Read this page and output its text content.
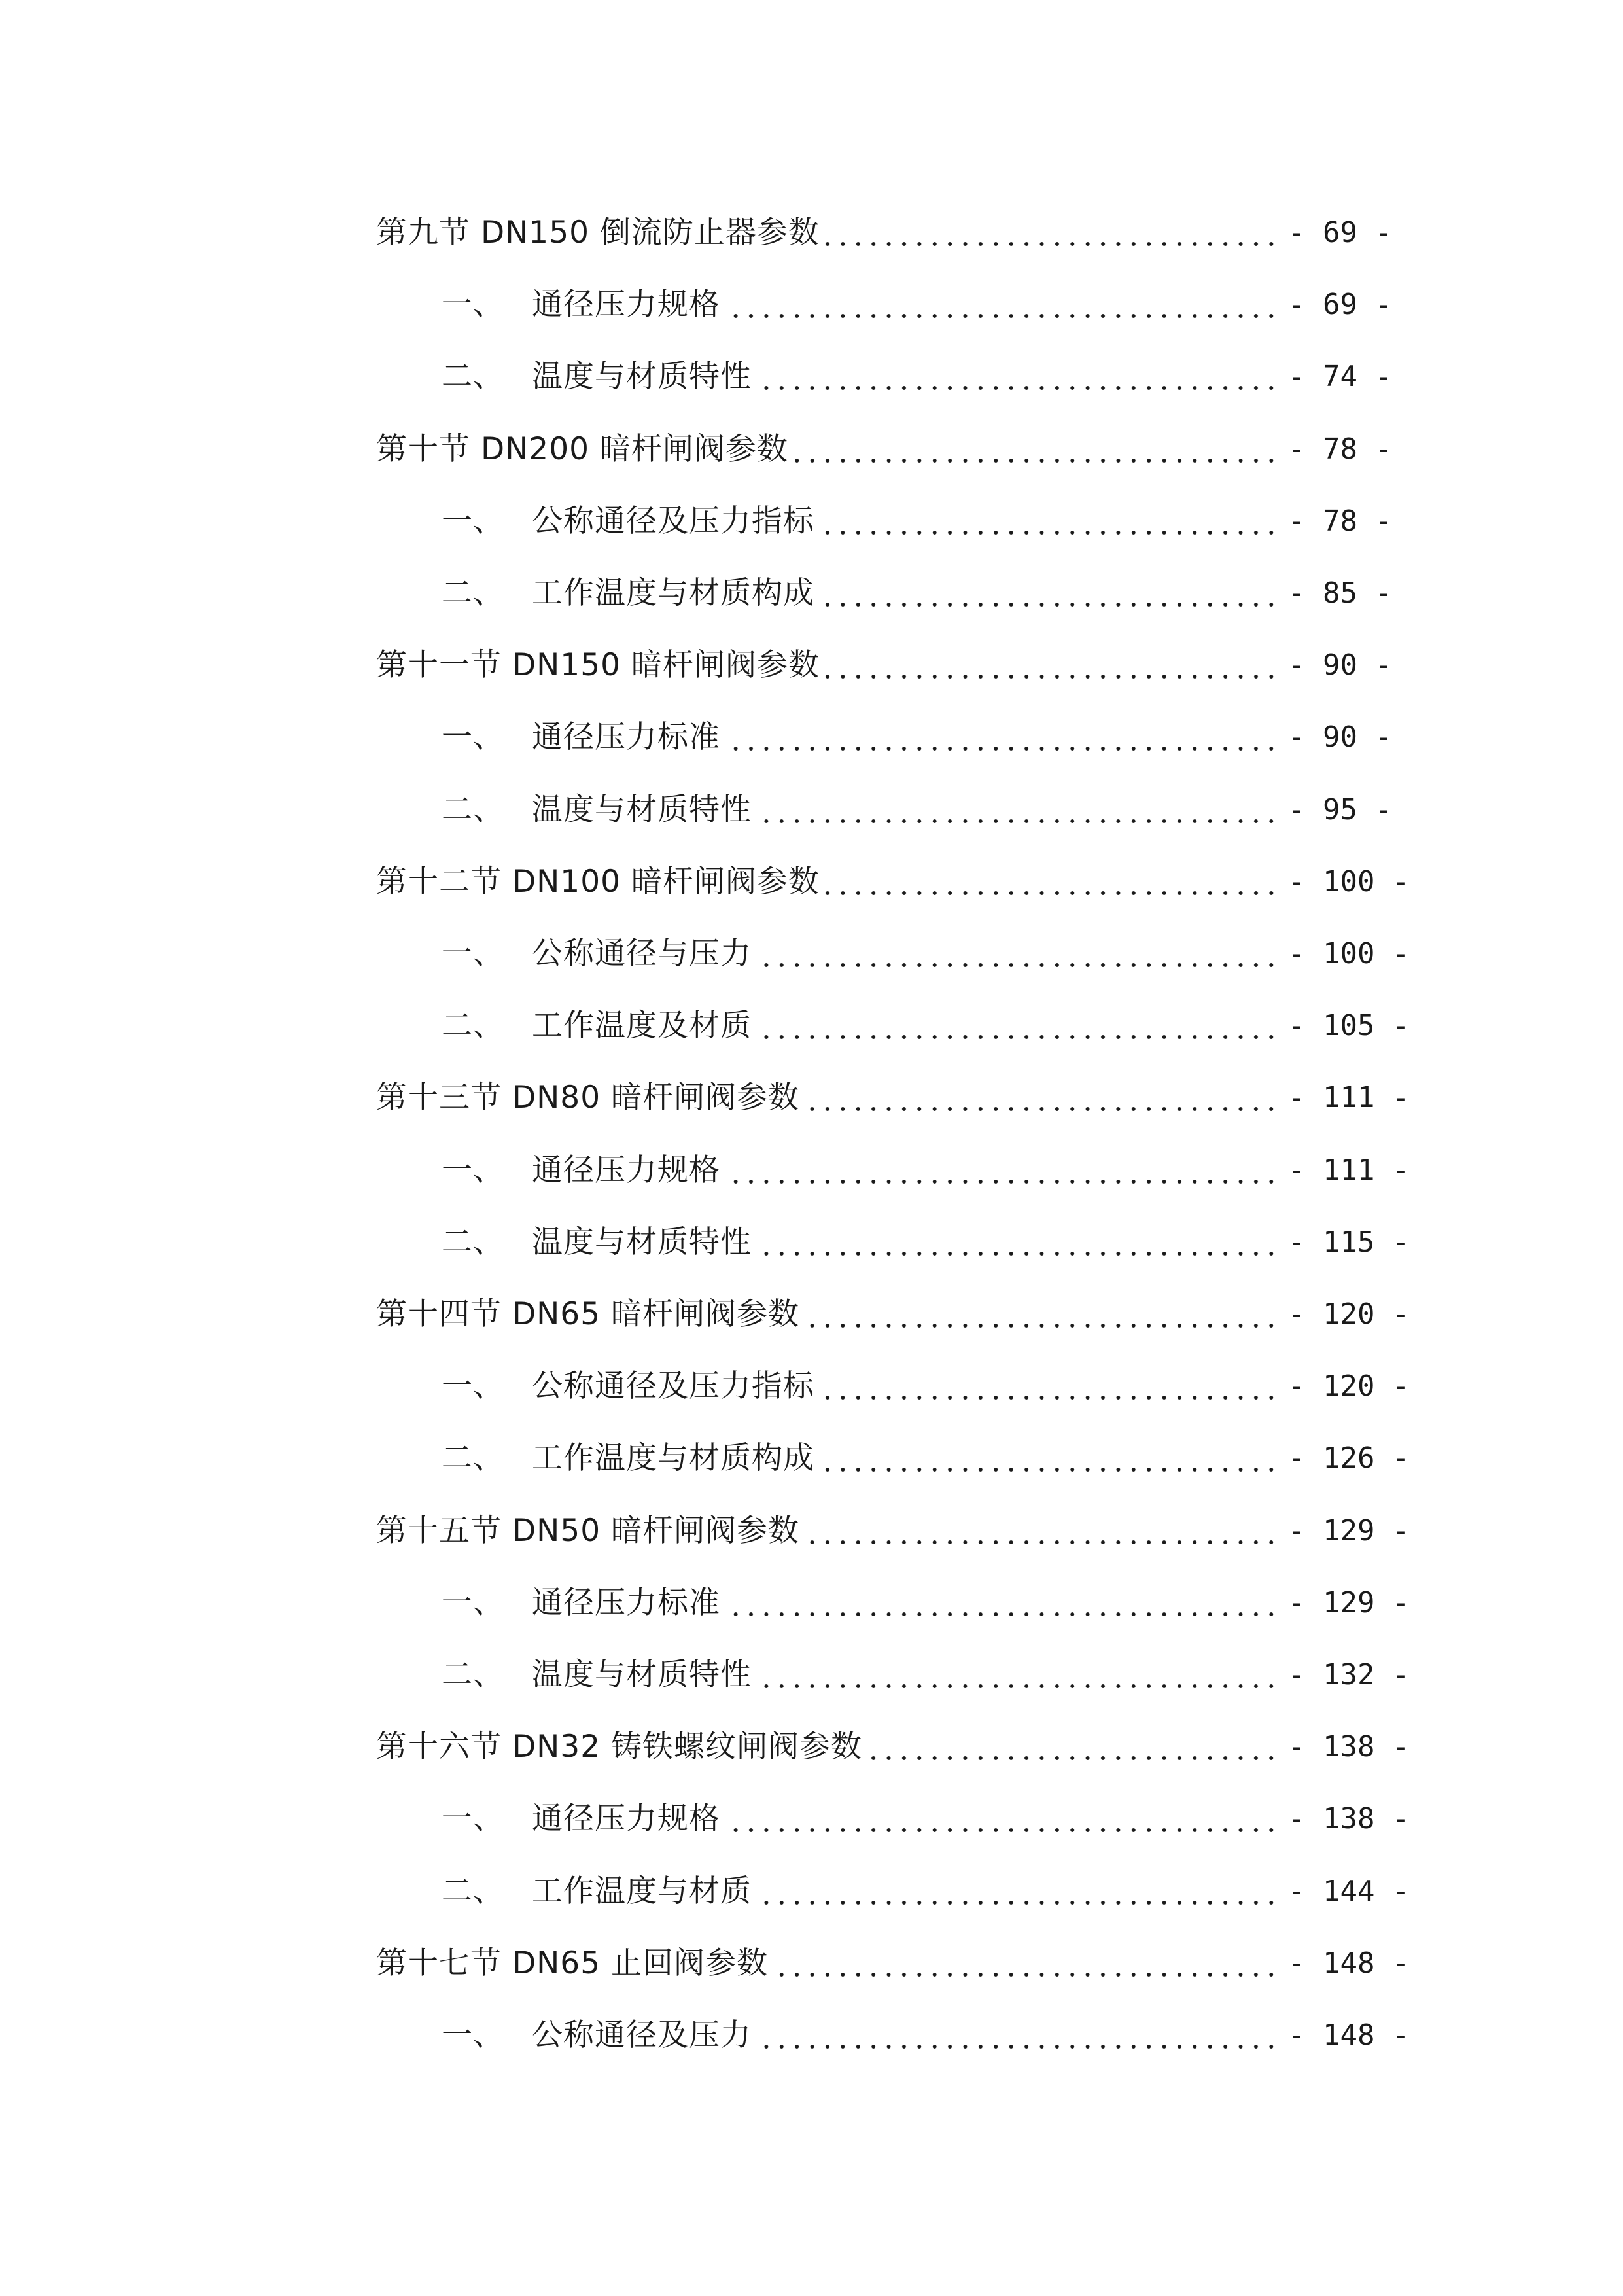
第九节 DN150 倒流防止器参数	- 69 -
一、 通径压力规格	- 69 -
二、 温度与材质特性	- 74 -
第十节 DN200 暗杆闸阀参数	- 78 -
一、 公称通径及压力指标	- 78 -
二、 工作温度与材质构成	- 85 -
第十一节 DN150 暗杆闸阀参数	- 90 -
一、 通径压力标准	- 90 -
二、 温度与材质特性	- 95 -
第十二节 DN100 暗杆闸阀参数	- 100 -
一、 公称通径与压力	- 100 -
二、 工作温度及材质	- 105 -
第十三节 DN80 暗杆闸阀参数	- 111 -
一、 通径压力规格	- 111 -
二、 温度与材质特性	- 115 -
第十四节 DN65 暗杆闸阀参数	- 120 -
一、 公称通径及压力指标	- 120 -
二、 工作温度与材质构成	- 126 -
第十五节 DN50 暗杆闸阀参数	- 129 -
一、 通径压力标准	- 129 -
二、 温度与材质特性	- 132 -
第十六节 DN32 铸铁螺纹闸阀参数	- 138 -
一、 通径压力规格	- 138 -
二、 工作温度与材质	- 144 -
第十七节 DN65 止回阀参数	- 148 -
一、 公称通径及压力	- 148 -
